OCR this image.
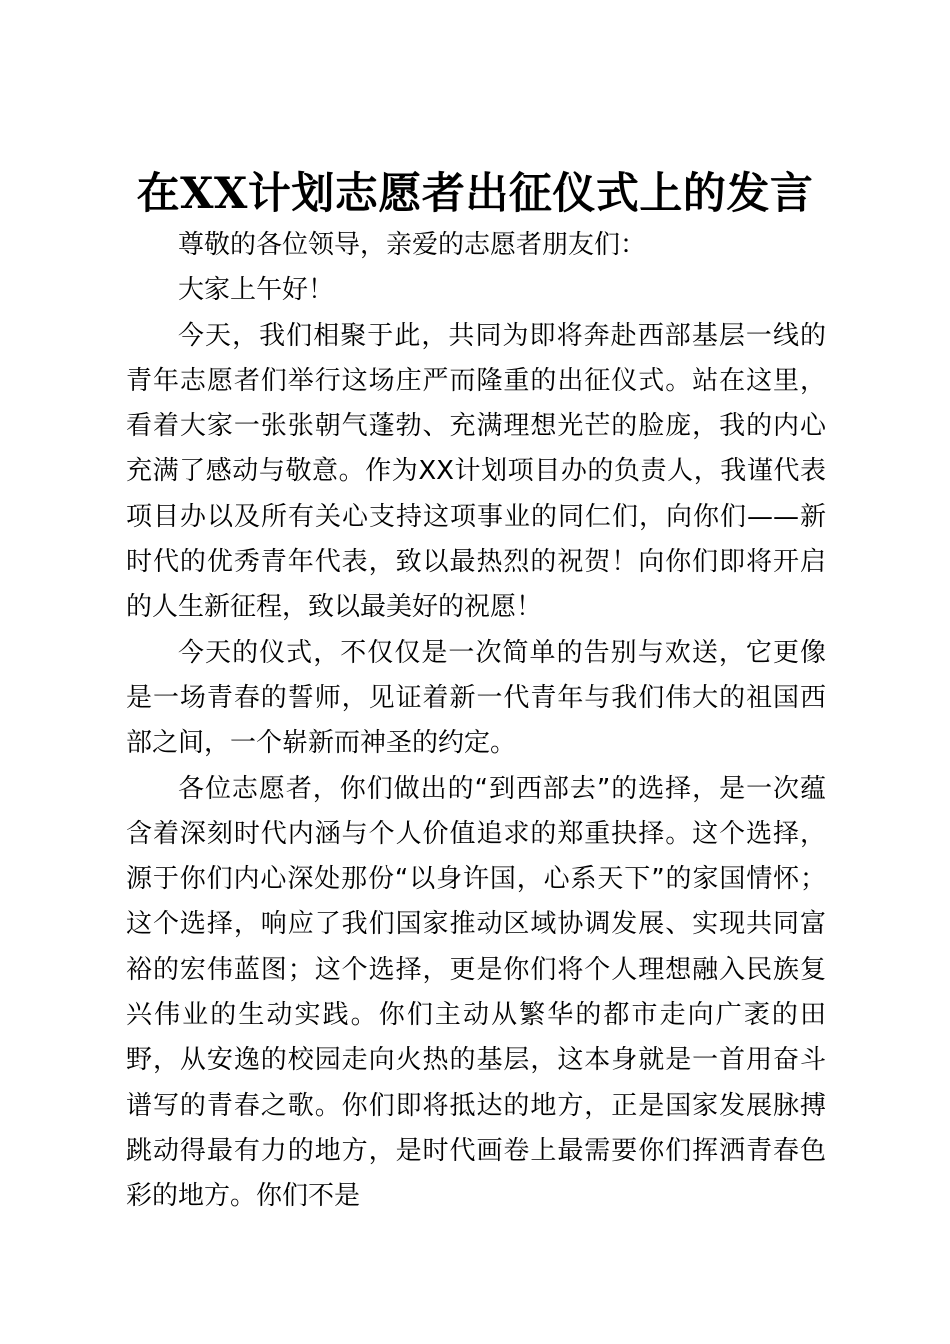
在XX计划志愿者出征仪式上的发言

尊敬的各位领导，亲爱的志愿者朋友们：

大家上午好！

今天，我们相聚于此，共同为即将奔赴西部基层一线的青年志愿者们举行这场庄严而隆重的出征仪式。站在这里，看着大家一张张朝气蓬勃、充满理想光芒的脸庞，我的内心充满了感动与敬意。作为XX计划项目办的负责人，我谨代表项目办以及所有关心支持这项事业的同仁们，向你们——新时代的优秀青年代表，致以最热烈的祝贺！向你们即将开启的人生新征程，致以最美好的祝愿！

今天的仪式，不仅仅是一次简单的告别与欢送，它更像是一场青春的誓师，见证着新一代青年与我们伟大的祖国西部之间，一个崭新而神圣的约定。

各位志愿者，你们做出的“到西部去”的选择，是一次蕴含着深刻时代内涵与个人价值追求的郑重抉择。这个选择，源于你们内心深处那份“以身许国，心系天下”的家国情怀；这个选择，响应了我们国家推动区域协调发展、实现共同富裕的宏伟蓝图；这个选择，更是你们将个人理想融入民族复兴伟业的生动实践。你们主动从繁华的都市走向广袤的田野，从安逸的校园走向火热的基层，这本身就是一首用奋斗谱写的青春之歌。你们即将抵达的地方，正是国家发展脉搏跳动得最有力的地方，是时代画卷上最需要你们挥洒青春色彩的地方。你们不是
